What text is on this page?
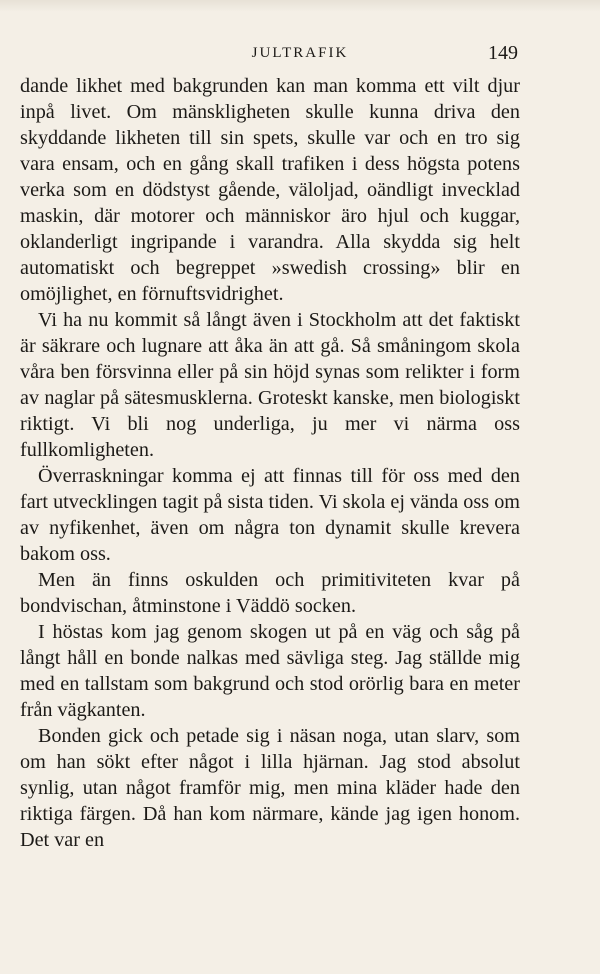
JULTRAFIK	149

dande likhet med bakgrunden kan man komma ett vilt djur inpå livet. Om mänskligheten skulle kunna driva den skyddande likheten till sin spets, skulle var och en tro sig vara ensam, och en gång skall trafiken i dess högsta potens verka som en dödstyst gående, väloljad, oändligt invecklad maskin, där motorer och människor äro hjul och kuggar, oklanderligt ingripande i varandra. Alla skydda sig helt automatiskt och begreppet »swedish crossing» blir en omöjlighet, en förnuftsvidrighet.

Vi ha nu kommit så långt även i Stockholm att det faktiskt är säkrare och lugnare att åka än att gå. Så småningom skola våra ben försvinna eller på sin höjd synas som relikter i form av naglar på sätesmusklerna. Groteskt kanske, men biologiskt riktigt. Vi bli nog underliga, ju mer vi närma oss fullkomligheten.

Överraskningar komma ej att finnas till för oss med den fart utvecklingen tagit på sista tiden. Vi skola ej vända oss om av nyfikenhet, även om några ton dynamit skulle krevera bakom oss.

Men än finns oskulden och primitiviteten kvar på bondvischan, åtminstone i Väddö socken.

I höstas kom jag genom skogen ut på en väg och såg på långt håll en bonde nalkas med sävliga steg. Jag ställde mig med en tallstam som bakgrund och stod orörlig bara en meter från vägkanten.

Bonden gick och petade sig i näsan noga, utan slarv, som om han sökt efter något i lilla hjärnan. Jag stod absolut synlig, utan något framför mig, men mina kläder hade den riktiga färgen. Då han kom närmare, kände jag igen honom. Det var en
